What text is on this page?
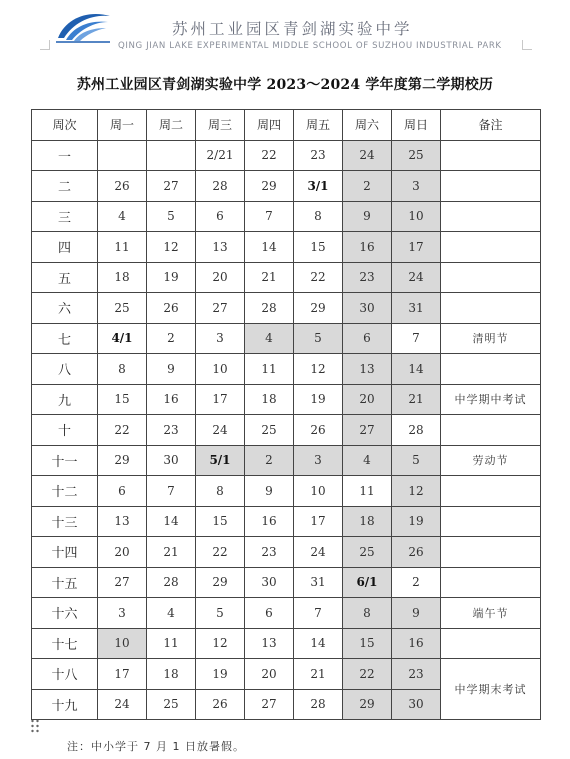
苏州工业园区青剑湖实验中学
QING JIAN LAKE EXPERIMENTAL MIDDLE SCHOOL OF SUZHOU INDUSTRIAL PARK
苏州工业园区青剑湖实验中学 2023～2024 学年度第二学期校历
周次	周一	周二	周三	周四	周五	周六	周日	备注
一			2/21	22	23	24	25	
二	26	27	28	29	3/1	2	3	
三	4	5	6	7	8	9	10	
四	11	12	13	14	15	16	17	
五	18	19	20	21	22	23	24	
六	25	26	27	28	29	30	31	
七	4/1	2	3	4	5	6	7	清明节
八	8	9	10	11	12	13	14	
九	15	16	17	18	19	20	21	中学期中考试
十	22	23	24	25	26	27	28	
十一	29	30	5/1	2	3	4	5	劳动节
十二	6	7	8	9	10	11	12	
十三	13	14	15	16	17	18	19	
十四	20	21	22	23	24	25	26	
十五	27	28	29	30	31	6/1	2	
十六	3	4	5	6	7	8	9	端午节
十七	10	11	12	13	14	15	16	
十八	17	18	19	20	21	22	23	中学期末考试
十九	24	25	26	27	28	29	30	
注：中小学于 7 月 1 日放暑假。
